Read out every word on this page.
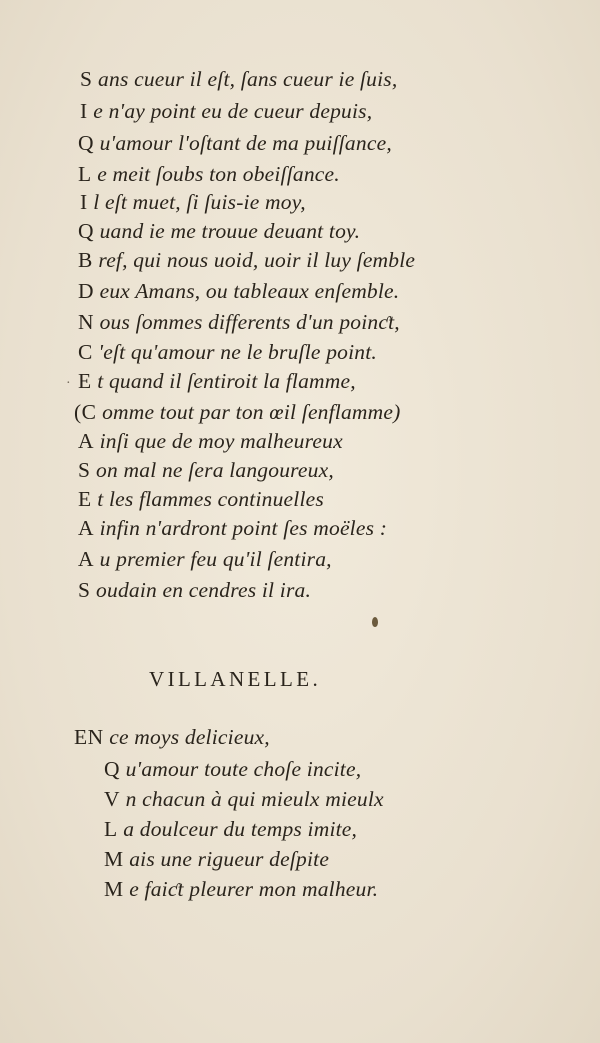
S ans cueur il eſt, ſans cueur ie ſuis,
I e n'ay point eu de cueur depuis,
Q u'amour l'oſtant de ma puiſſance,
L e meit ſoubs ton obeiſſance.
I l eſt muet, ſi ſuis-ie moy,
Q uand ie me trouue deuant toy.
B ref, qui nous uoid, uoir il luy ſemble
D eux Amans, ou tableaux enſemble.
N ous ſommes differents d'un poinƈt,
C 'eſt qu'amour ne le bruſle point.
· E t quand il ſentiroit la flamme,
(C omme tout par ton œil ſenflamme)
A inſi que de moy malheureux
S on mal ne ſera langoureux,
E t les flammes continuelles
A infin n'ardront point ſes moëles :
A u premier feu qu'il ſentira,
S oudain en cendres il ira.
VILLANELLE.
EN ce moys delicieux,
Q u'amour toute choſe incite,
V n chacun à qui mieulx mieulx
L a doulceur du temps imite,
M ais une rigueur deſpite
M e faiƈt pleurer mon malheur.
